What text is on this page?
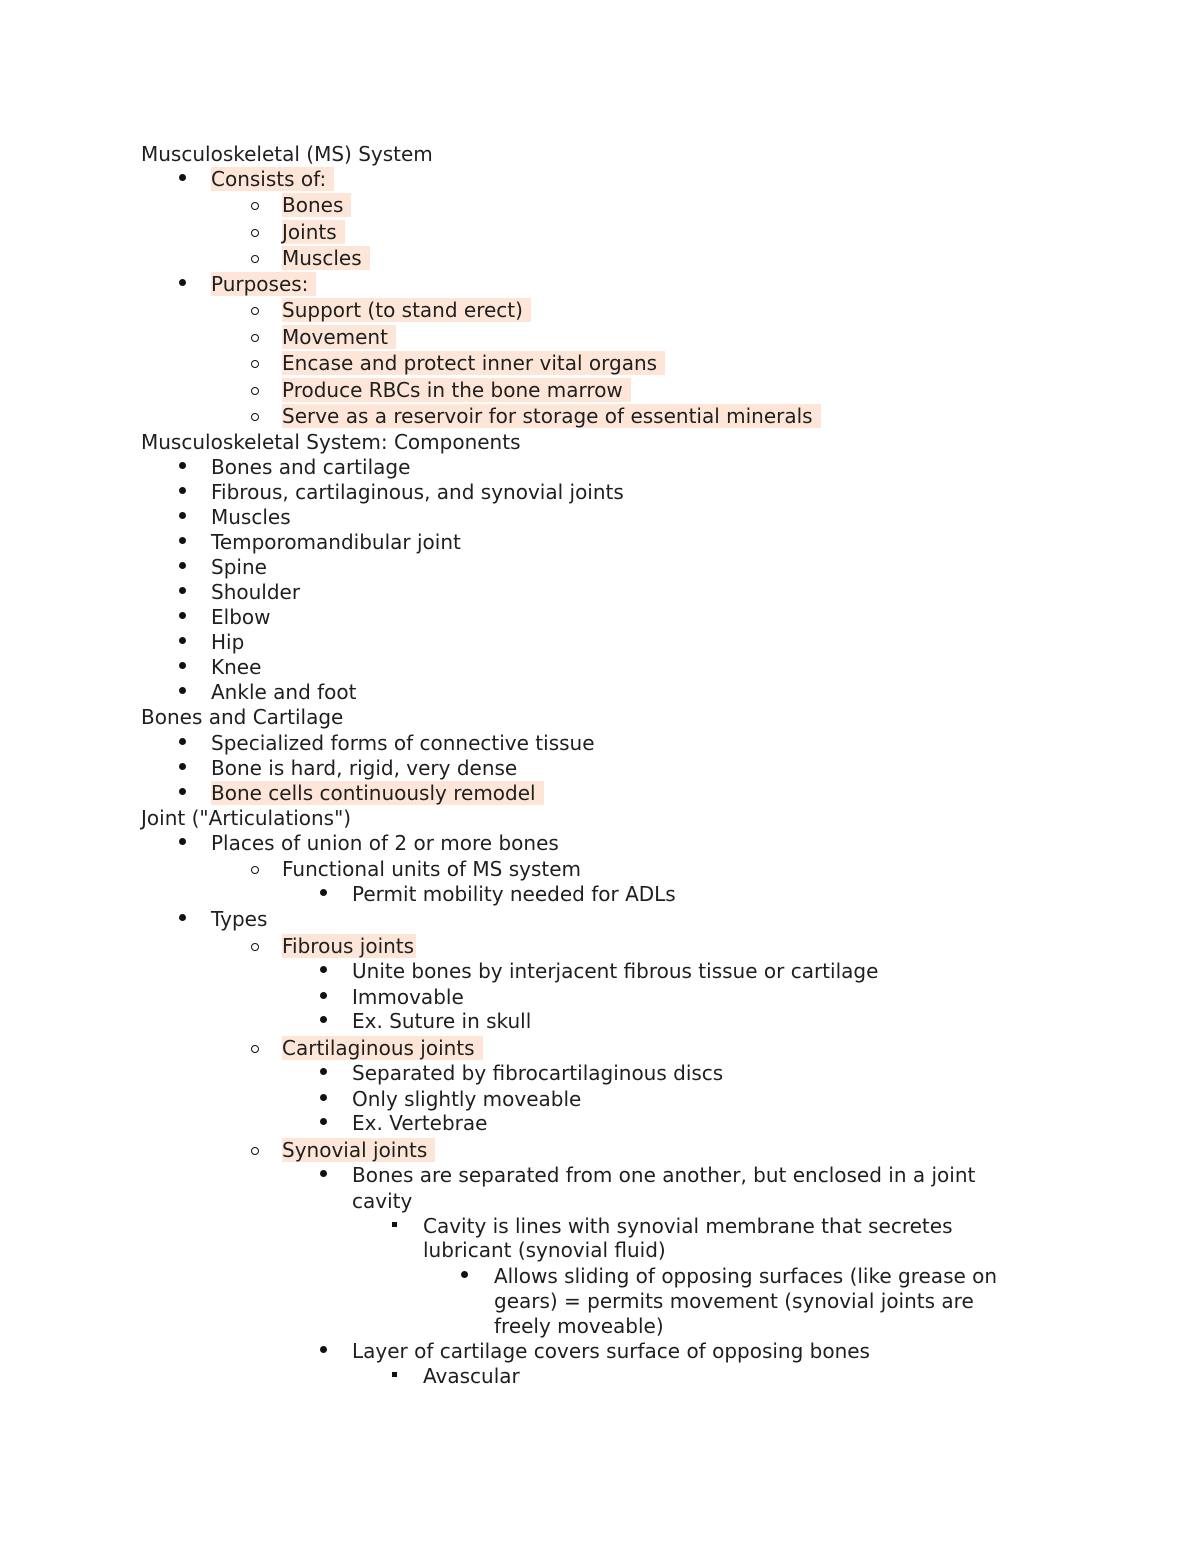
Musculoskeletal (MS) System
Consists of:
Bones
Joints
Muscles
Purposes:
Support (to stand erect)
Movement
Encase and protect inner vital organs
Produce RBCs in the bone marrow
Serve as a reservoir for storage of essential minerals
Musculoskeletal System: Components
Bones and cartilage
Fibrous, cartilaginous, and synovial joints
Muscles
Temporomandibular joint
Spine
Shoulder
Elbow
Hip
Knee
Ankle and foot
Bones and Cartilage
Specialized forms of connective tissue
Bone is hard, rigid, very dense
Bone cells continuously remodel
Joint ("Articulations")
Places of union of 2 or more bones
Functional units of MS system
Permit mobility needed for ADLs
Types
Fibrous joints
Unite bones by interjacent fibrous tissue or cartilage
Immovable
Ex. Suture in skull
Cartilaginous joints
Separated by fibrocartilaginous discs
Only slightly moveable
Ex. Vertebrae
Synovial joints
Bones are separated from one another, but enclosed in a joint
cavity
Cavity is lines with synovial membrane that secretes
lubricant (synovial fluid)
Allows sliding of opposing surfaces (like grease on
gears) = permits movement (synovial joints are
freely moveable)
Layer of cartilage covers surface of opposing bones
Avascular
